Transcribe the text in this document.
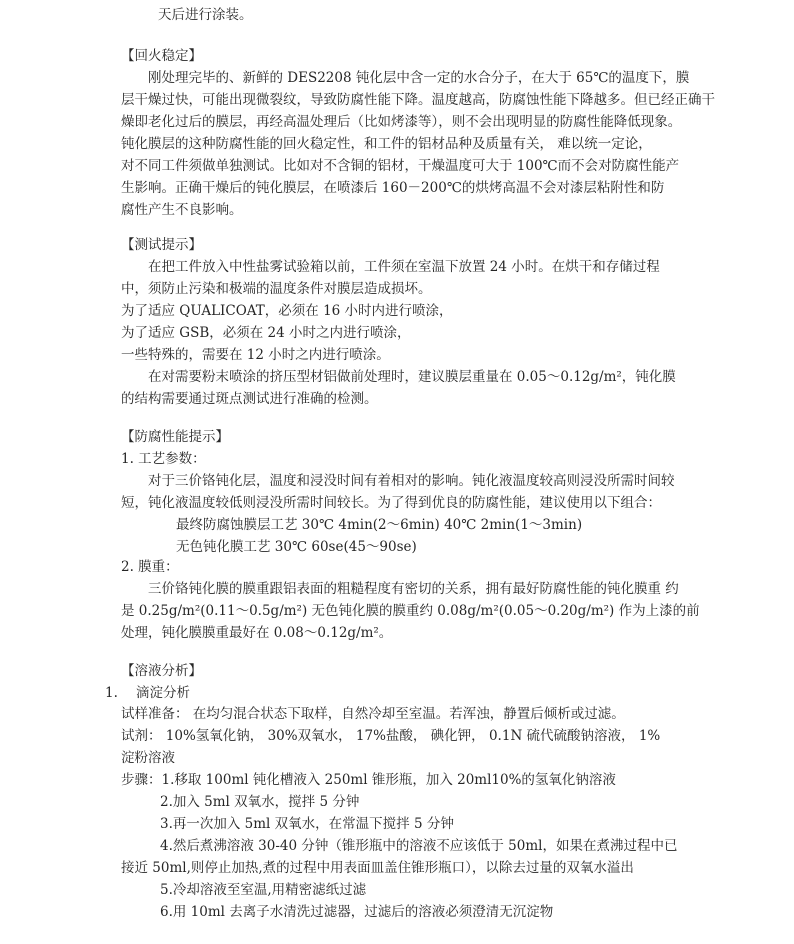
天后进行涂装。
【回火稳定】
刚处理完毕的、新鲜的 DES2208 钝化层中含一定的水合分子，在大于 65℃的温度下，膜
层干燥过快，可能出现微裂纹，导致防腐性能下降。温度越高，防腐蚀性能下降越多。但已经正确干
燥即老化过后的膜层，再经高温处理后（比如烤漆等），则不会出现明显的防腐性能降低现象。
钝化膜层的这种防腐性能的回火稳定性，和工件的铝材品种及质量有关， 难以统一定论，
对不同工件须做单独测试。比如对不含铜的铝材，干燥温度可大于 100℃而不会对防腐性能产
生影响。正确干燥后的钝化膜层，在喷漆后 160－200℃的烘烤高温不会对漆层粘附性和防
腐性产生不良影响。
【测试提示】
在把工件放入中性盐雾试验箱以前，工件须在室温下放置 24 小时。在烘干和存储过程
中，须防止污染和极端的温度条件对膜层造成损坏。
为了适应 QUALICOAT，必须在 16 小时内进行喷涂，
为了适应 GSB，必须在 24 小时之内进行喷涂，
一些特殊的，需要在 12 小时之内进行喷涂。
在对需要粉末喷涂的挤压型材铝做前处理时，建议膜层重量在 0.05～0.12g/m²，钝化膜
的结构需要通过斑点测试进行准确的检测。
【防腐性能提示】
1. 工艺参数：
对于三价铬钝化层，温度和浸没时间有着相对的影响。钝化液温度较高则浸没所需时间较
短，钝化液温度较低则浸没所需时间较长。为了得到优良的防腐性能，建议使用以下组合：
最终防腐蚀膜层工艺 30℃ 4min(2～6min) 40℃ 2min(1～3min)
无色钝化膜工艺 30℃ 60se(45～90se)
2. 膜重：
三价铬钝化膜的膜重跟铝表面的粗糙程度有密切的关系，拥有最好防腐性能的钝化膜重 约
是 0.25g/m²(0.11～0.5g/m²) 无色钝化膜的膜重约 0.08g/m²(0.05～0.20g/m²) 作为上漆的前
处理，钝化膜膜重最好在 0.08～0.12g/m²。
【溶液分析】
1. 滴淀分析
试样准备： 在均匀混合状态下取样，自然冷却至室温。若浑浊，静置后倾析或过滤。
试剂： 10%氢氧化钠， 30%双氧水， 17%盐酸， 碘化钾， 0.1N 硫代硫酸钠溶液， 1%
淀粉溶液
步骤：1.移取 100ml 钝化槽液入 250ml 锥形瓶，加入 20ml10%的氢氧化钠溶液
2.加入 5ml 双氧水，搅拌 5 分钟
3.再一次加入 5ml 双氧水，在常温下搅拌 5 分钟
4.然后煮沸溶液 30-40 分钟（锥形瓶中的溶液不应该低于 50ml，如果在煮沸过程中已
接近 50ml,则停止加热,煮的过程中用表面皿盖住锥形瓶口），以除去过量的双氧水溢出
5.冷却溶液至室温,用精密滤纸过滤
6.用 10ml 去离子水清洗过滤器，过滤后的溶液必须澄清无沉淀物
